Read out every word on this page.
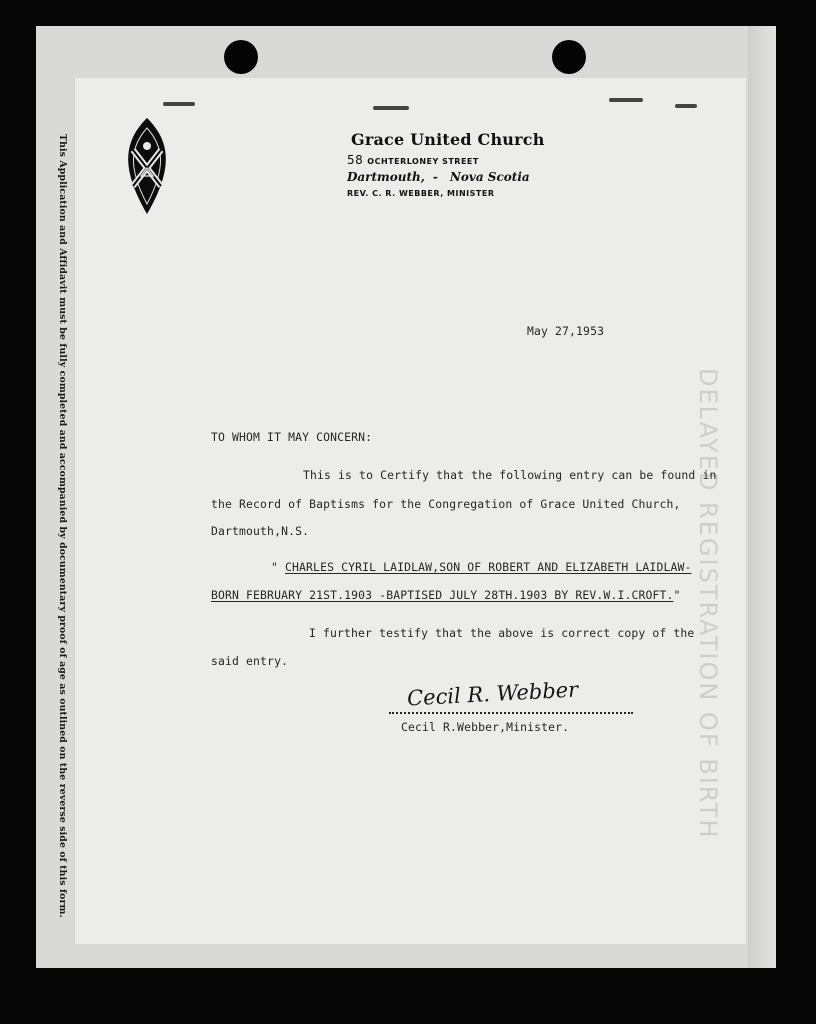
This Application and Affidavit must be fully completed and accompanied by documentary proof of age as outlined on the reverse side of this form.	DELAYED REGISTRATION OF BIRTH
Grace United Church
58 OCHTERLONEY STREET
Dartmouth, - Nova Scotia
REV. C. R. WEBBER, MINISTER
May 27,1953
TO WHOM IT MAY CONCERN:
This is to Certify that the following entry can be found in
the Record of Baptisms for the Congregation of Grace United Church,
Dartmouth,N.S.
" CHARLES CYRIL LAIDLAW,SON OF ROBERT AND ELIZABETH LAIDLAW-
BORN FEBRUARY 21ST.1903 -BAPTISED JULY 28TH.1903 BY REV.W.I.CROFT."
I further testify that the above is correct copy of the
said entry.
Cecil R. Webber
Cecil R.Webber,Minister.
